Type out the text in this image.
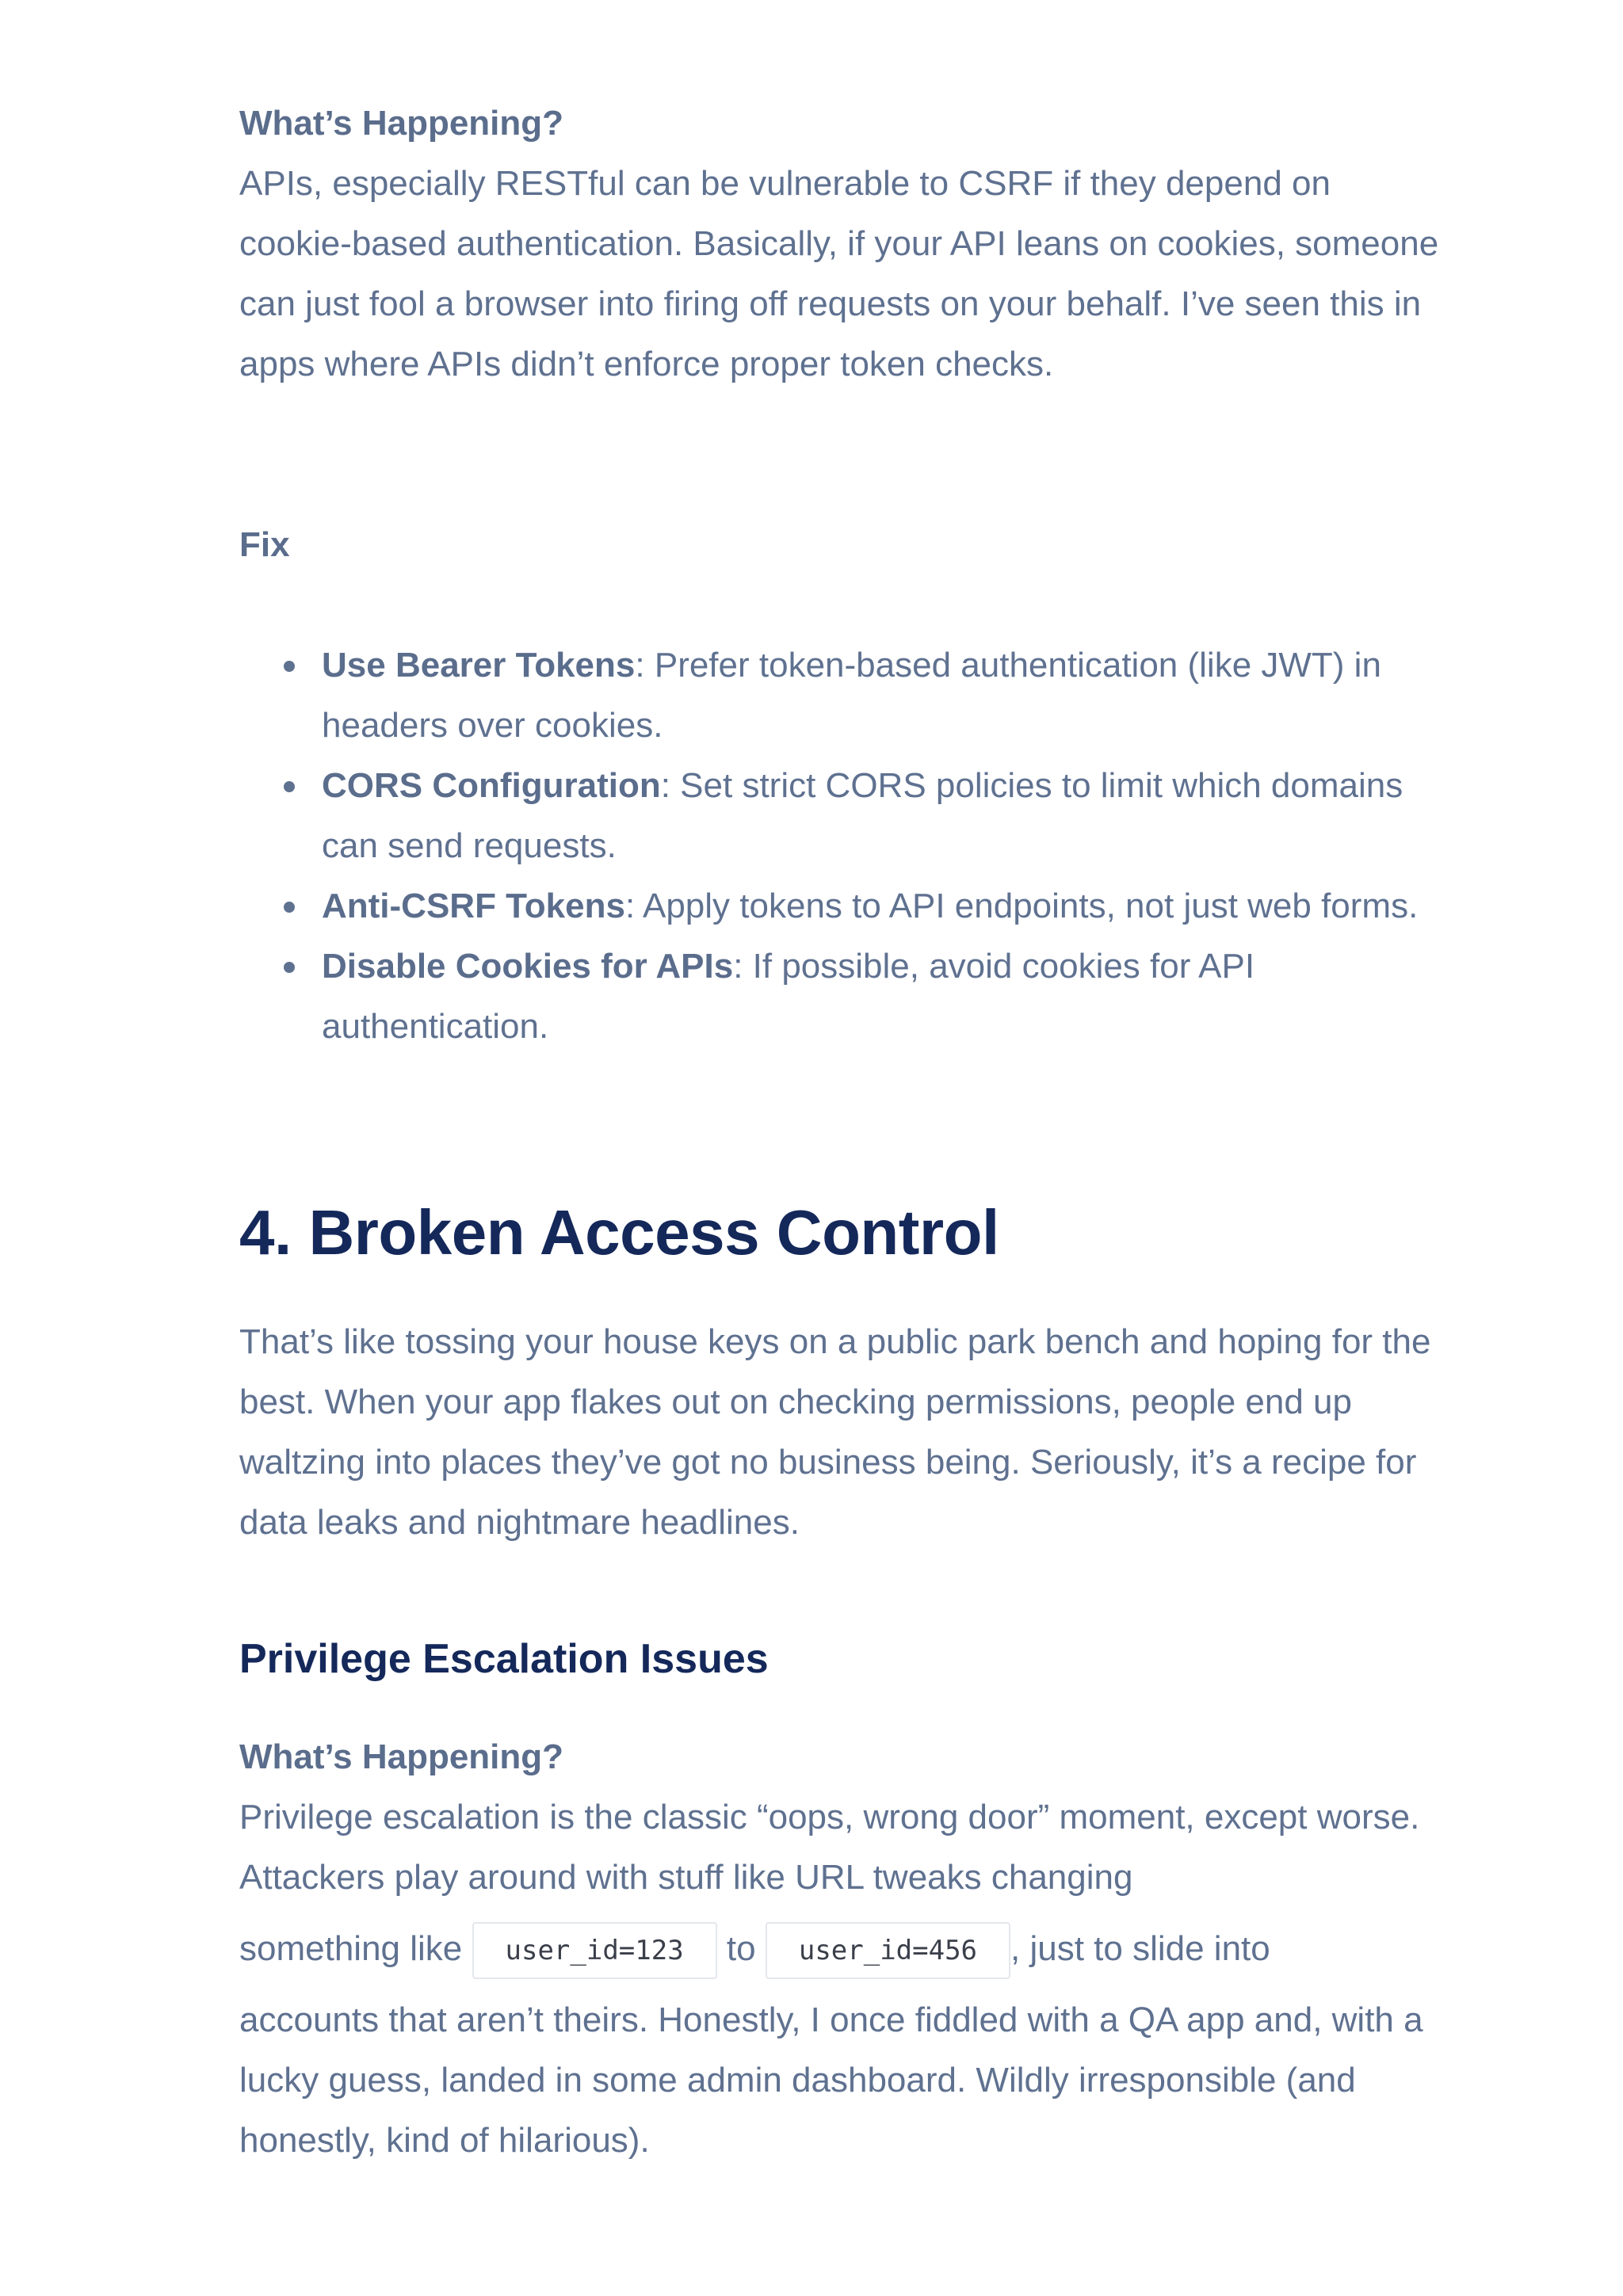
What’s Happening?

APIs, especially RESTful can be vulnerable to CSRF if they depend on cookie-based authentication. Basically, if your API leans on cookies, someone can just fool a browser into firing off requests on your behalf. I’ve seen this in apps where APIs didn’t enforce proper token checks.

Fix

Use Bearer Tokens: Prefer token-based authentication (like JWT) in headers over cookies.
CORS Configuration: Set strict CORS policies to limit which domains can send requests.
Anti-CSRF Tokens: Apply tokens to API endpoints, not just web forms.
Disable Cookies for APIs: If possible, avoid cookies for API authentication.
4. Broken Access Control

That’s like tossing your house keys on a public park bench and hoping for the best. When your app flakes out on checking permissions, people end up waltzing into places they’ve got no business being. Seriously, it’s a recipe for data leaks and nightmare headlines.

Privilege Escalation Issues

What’s Happening?

Privilege escalation is the classic “oops, wrong door” moment, except worse. Attackers play around with stuff like URL tweaks changing

something like user_id=123 to user_id=456 , just to slide into

accounts that aren’t theirs. Honestly, I once fiddled with a QA app and, with a lucky guess, landed in some admin dashboard. Wildly irresponsible (and honestly, kind of hilarious).
